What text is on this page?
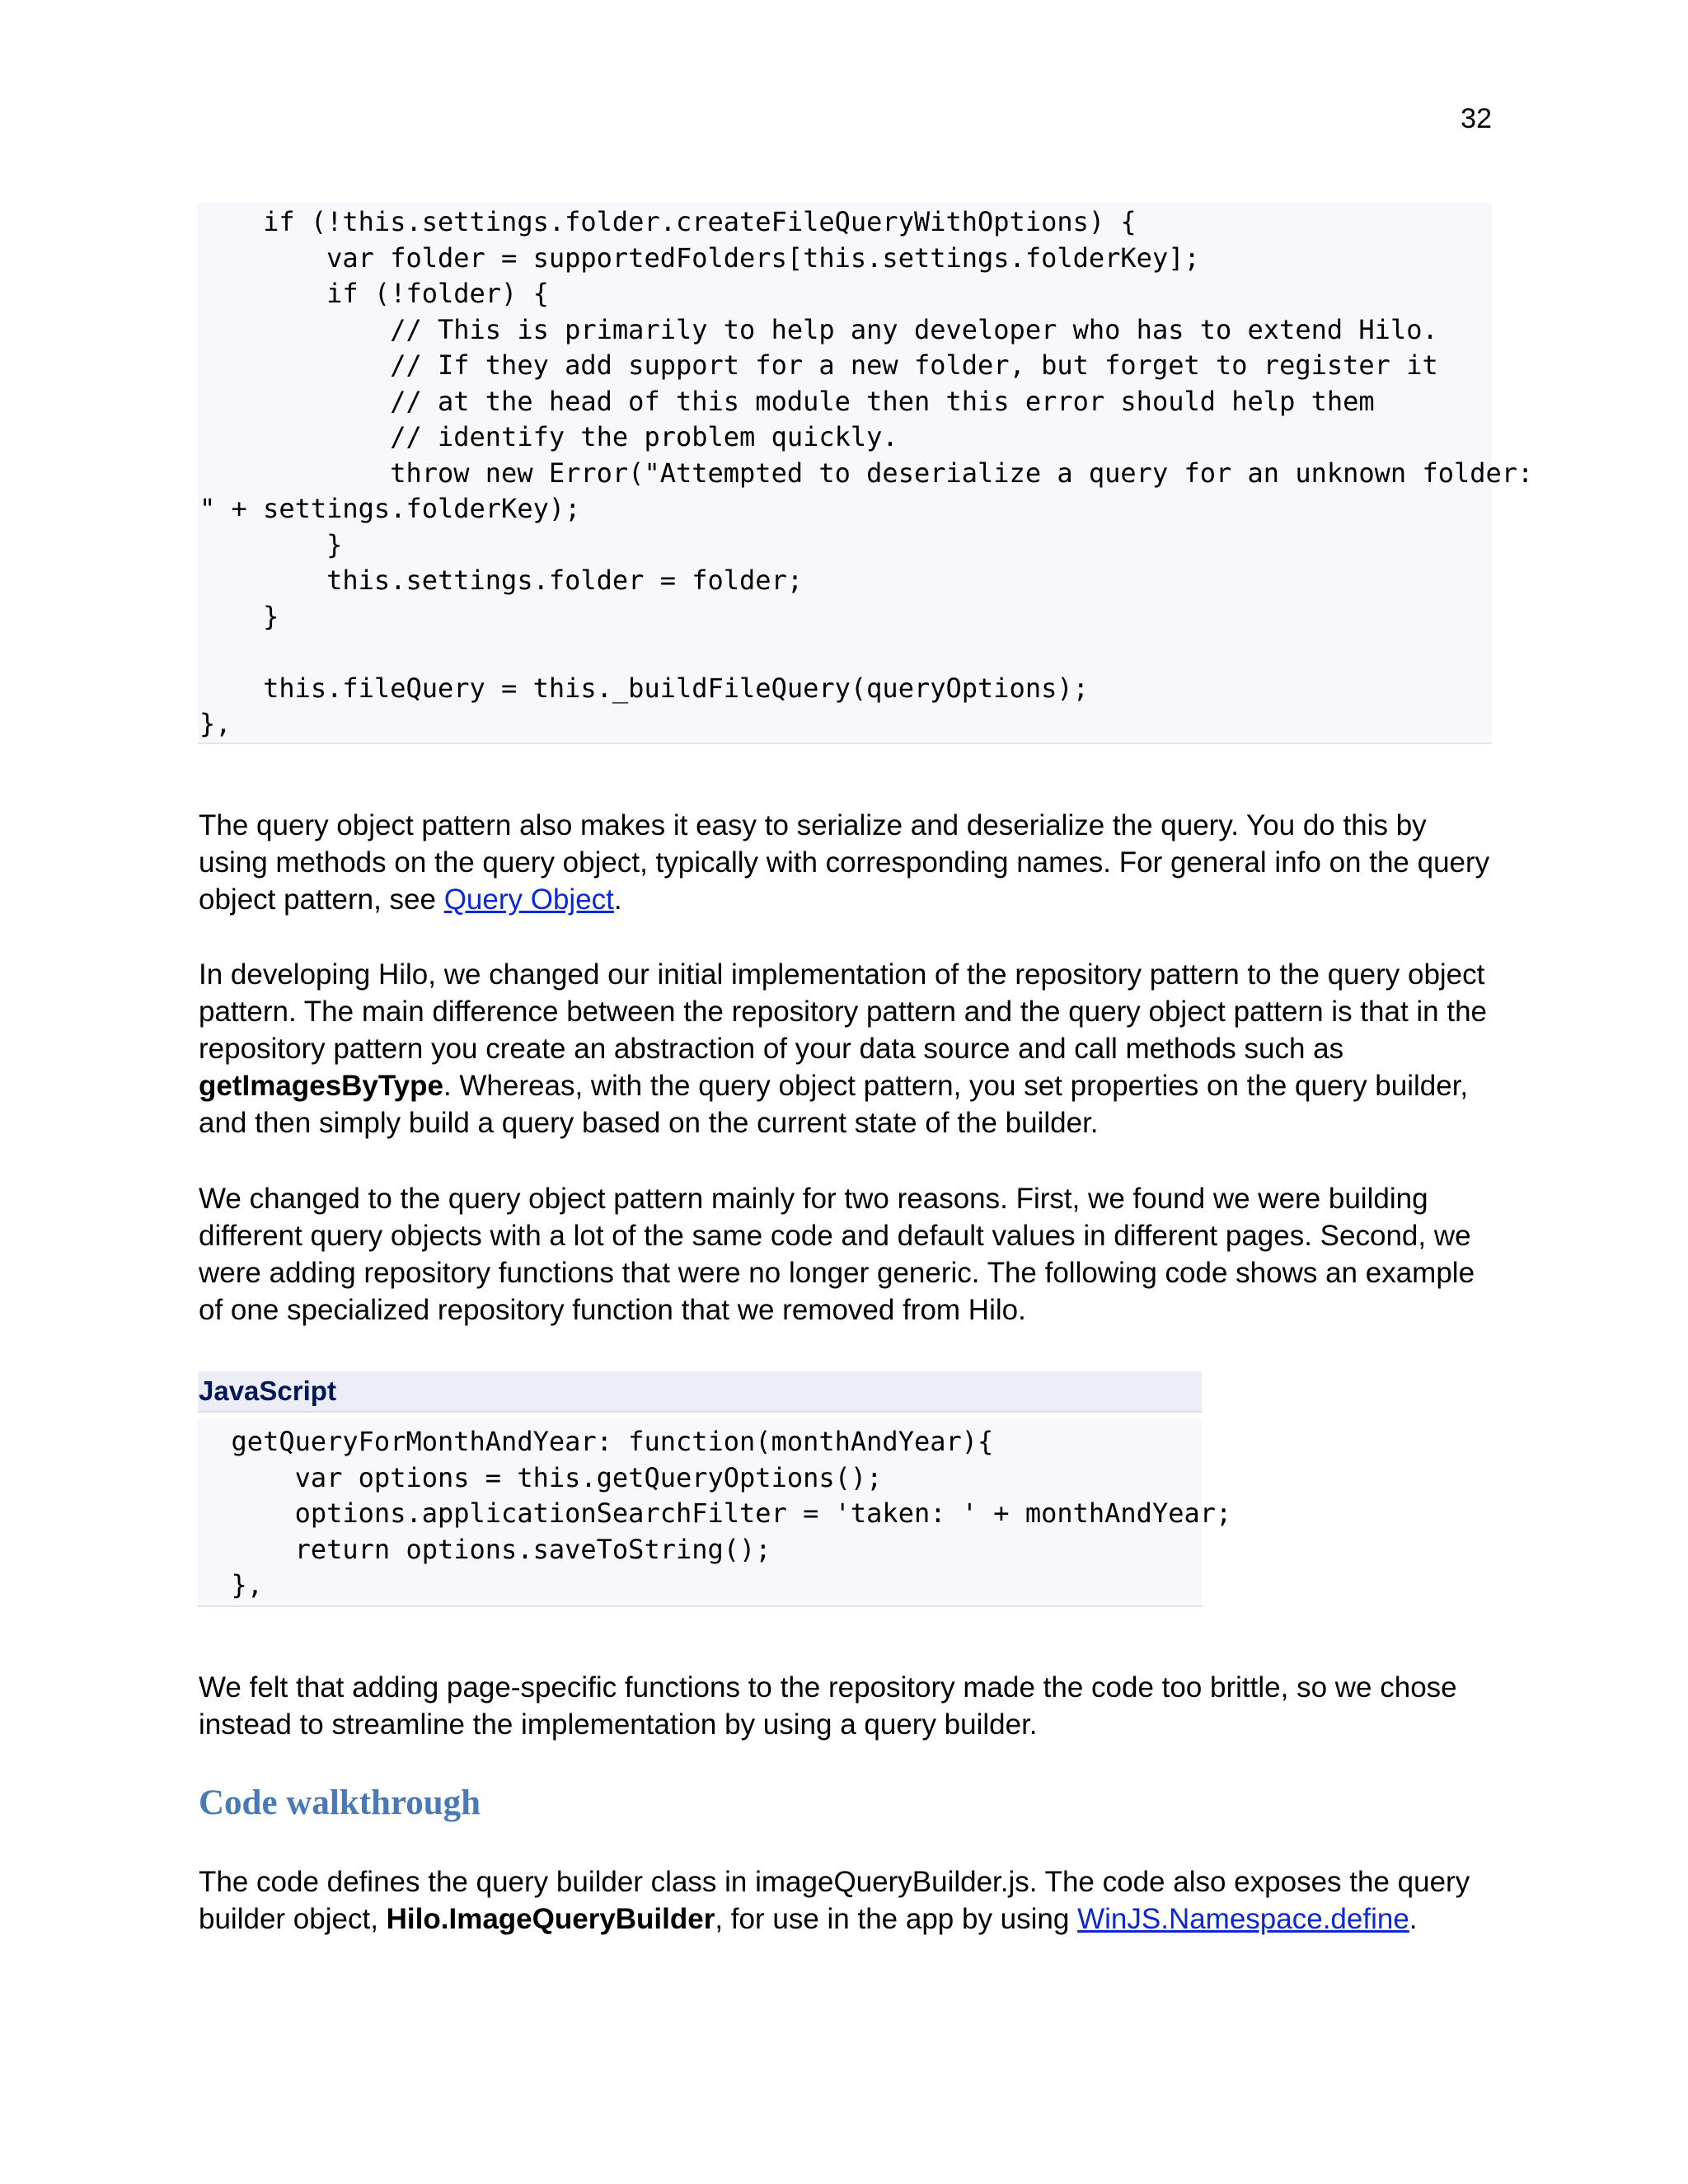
32
if (!this.settings.folder.createFileQueryWithOptions) {
var folder = supportedFolders[this.settings.folderKey];
if (!folder) {
// This is primarily to help any developer who has to extend Hilo.
// If they add support for a new folder, but forget to register it
// at the head of this module then this error should help them
// identify the problem quickly.
throw new Error("Attempted to deserialize a query for an unknown folder:
" + settings.folderKey);
}
this.settings.folder = folder;
}

this.fileQuery = this._buildFileQuery(queryOptions);
},

The query object pattern also makes it easy to serialize and deserialize the query. You do this by using methods on the query object, typically with corresponding names. For general info on the query object pattern, see Query Object.

In developing Hilo, we changed our initial implementation of the repository pattern to the query object pattern. The main difference between the repository pattern and the query object pattern is that in the repository pattern you create an abstraction of your data source and call methods such as getImagesByType. Whereas, with the query object pattern, you set properties on the query builder, and then simply build a query based on the current state of the builder.

We changed to the query object pattern mainly for two reasons. First, we found we were building different query objects with a lot of the same code and default values in different pages. Second, we were adding repository functions that were no longer generic. The following code shows an example of one specialized repository function that we removed from Hilo.

JavaScript
getQueryForMonthAndYear: function(monthAndYear){
var options = this.getQueryOptions();
options.applicationSearchFilter = 'taken: ' + monthAndYear;
return options.saveToString();
},

We felt that adding page-specific functions to the repository made the code too brittle, so we chose instead to streamline the implementation by using a query builder.

Code walkthrough

The code defines the query builder class in imageQueryBuilder.js. The code also exposes the query builder object, Hilo.ImageQueryBuilder, for use in the app by using WinJS.Namespace.define.
